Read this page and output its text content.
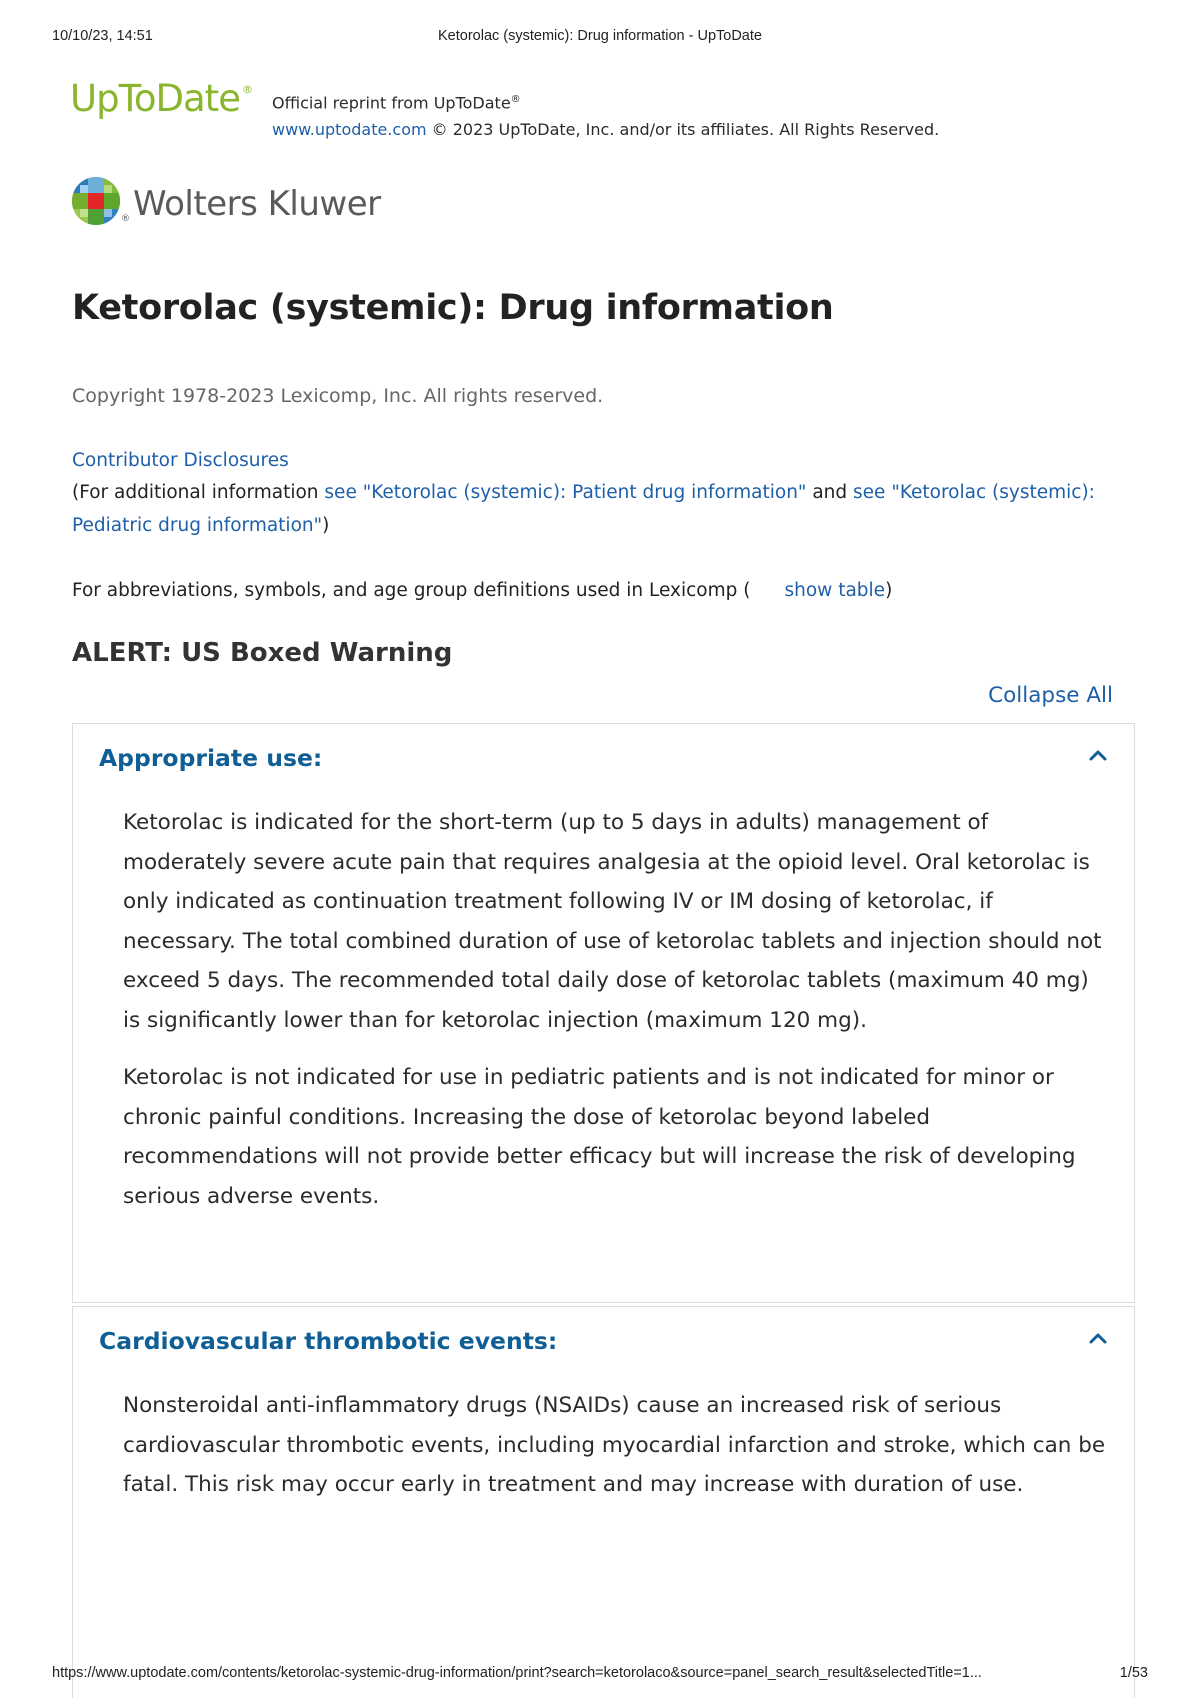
10/10/23, 14:51	Ketorolac (systemic): Drug information - UpToDate
UpToDate ®
Official reprint from UpToDate®
www.uptodate.com © 2023 UpToDate, Inc. and/or its affiliates. All Rights Reserved.
® Wolters Kluwer
Ketorolac (systemic): Drug information
Copyright 1978-2023 Lexicomp, Inc. All rights reserved.
Contributor Disclosures
(For additional information see "Ketorolac (systemic): Patient drug information" and see "Ketorolac (systemic): Pediatric drug information")
For abbreviations, symbols, and age group definitions used in Lexicomp ( show table)
ALERT: US Boxed Warning
Collapse All
Appropriate use:

Ketorolac is indicated for the short-term (up to 5 days in adults) management of moderately severe acute pain that requires analgesia at the opioid level. Oral ketorolac is only indicated as continuation treatment following IV or IM dosing of ketorolac, if necessary. The total combined duration of use of ketorolac tablets and injection should not exceed 5 days. The recommended total daily dose of ketorolac tablets (maximum 40 mg) is significantly lower than for ketorolac injection (maximum 120 mg).

Ketorolac is not indicated for use in pediatric patients and is not indicated for minor or chronic painful conditions. Increasing the dose of ketorolac beyond labeled recommendations will not provide better efficacy but will increase the risk of developing serious adverse events.

Cardiovascular thrombotic events:

Nonsteroidal anti-inflammatory drugs (NSAIDs) cause an increased risk of serious cardiovascular thrombotic events, including myocardial infarction and stroke, which can be fatal. This risk may occur early in treatment and may increase with duration of use.

https://www.uptodate.com/contents/ketorolac-systemic-drug-information/print?search=ketorolaco&source=panel_search_result&selectedTitle=1...	1/53
